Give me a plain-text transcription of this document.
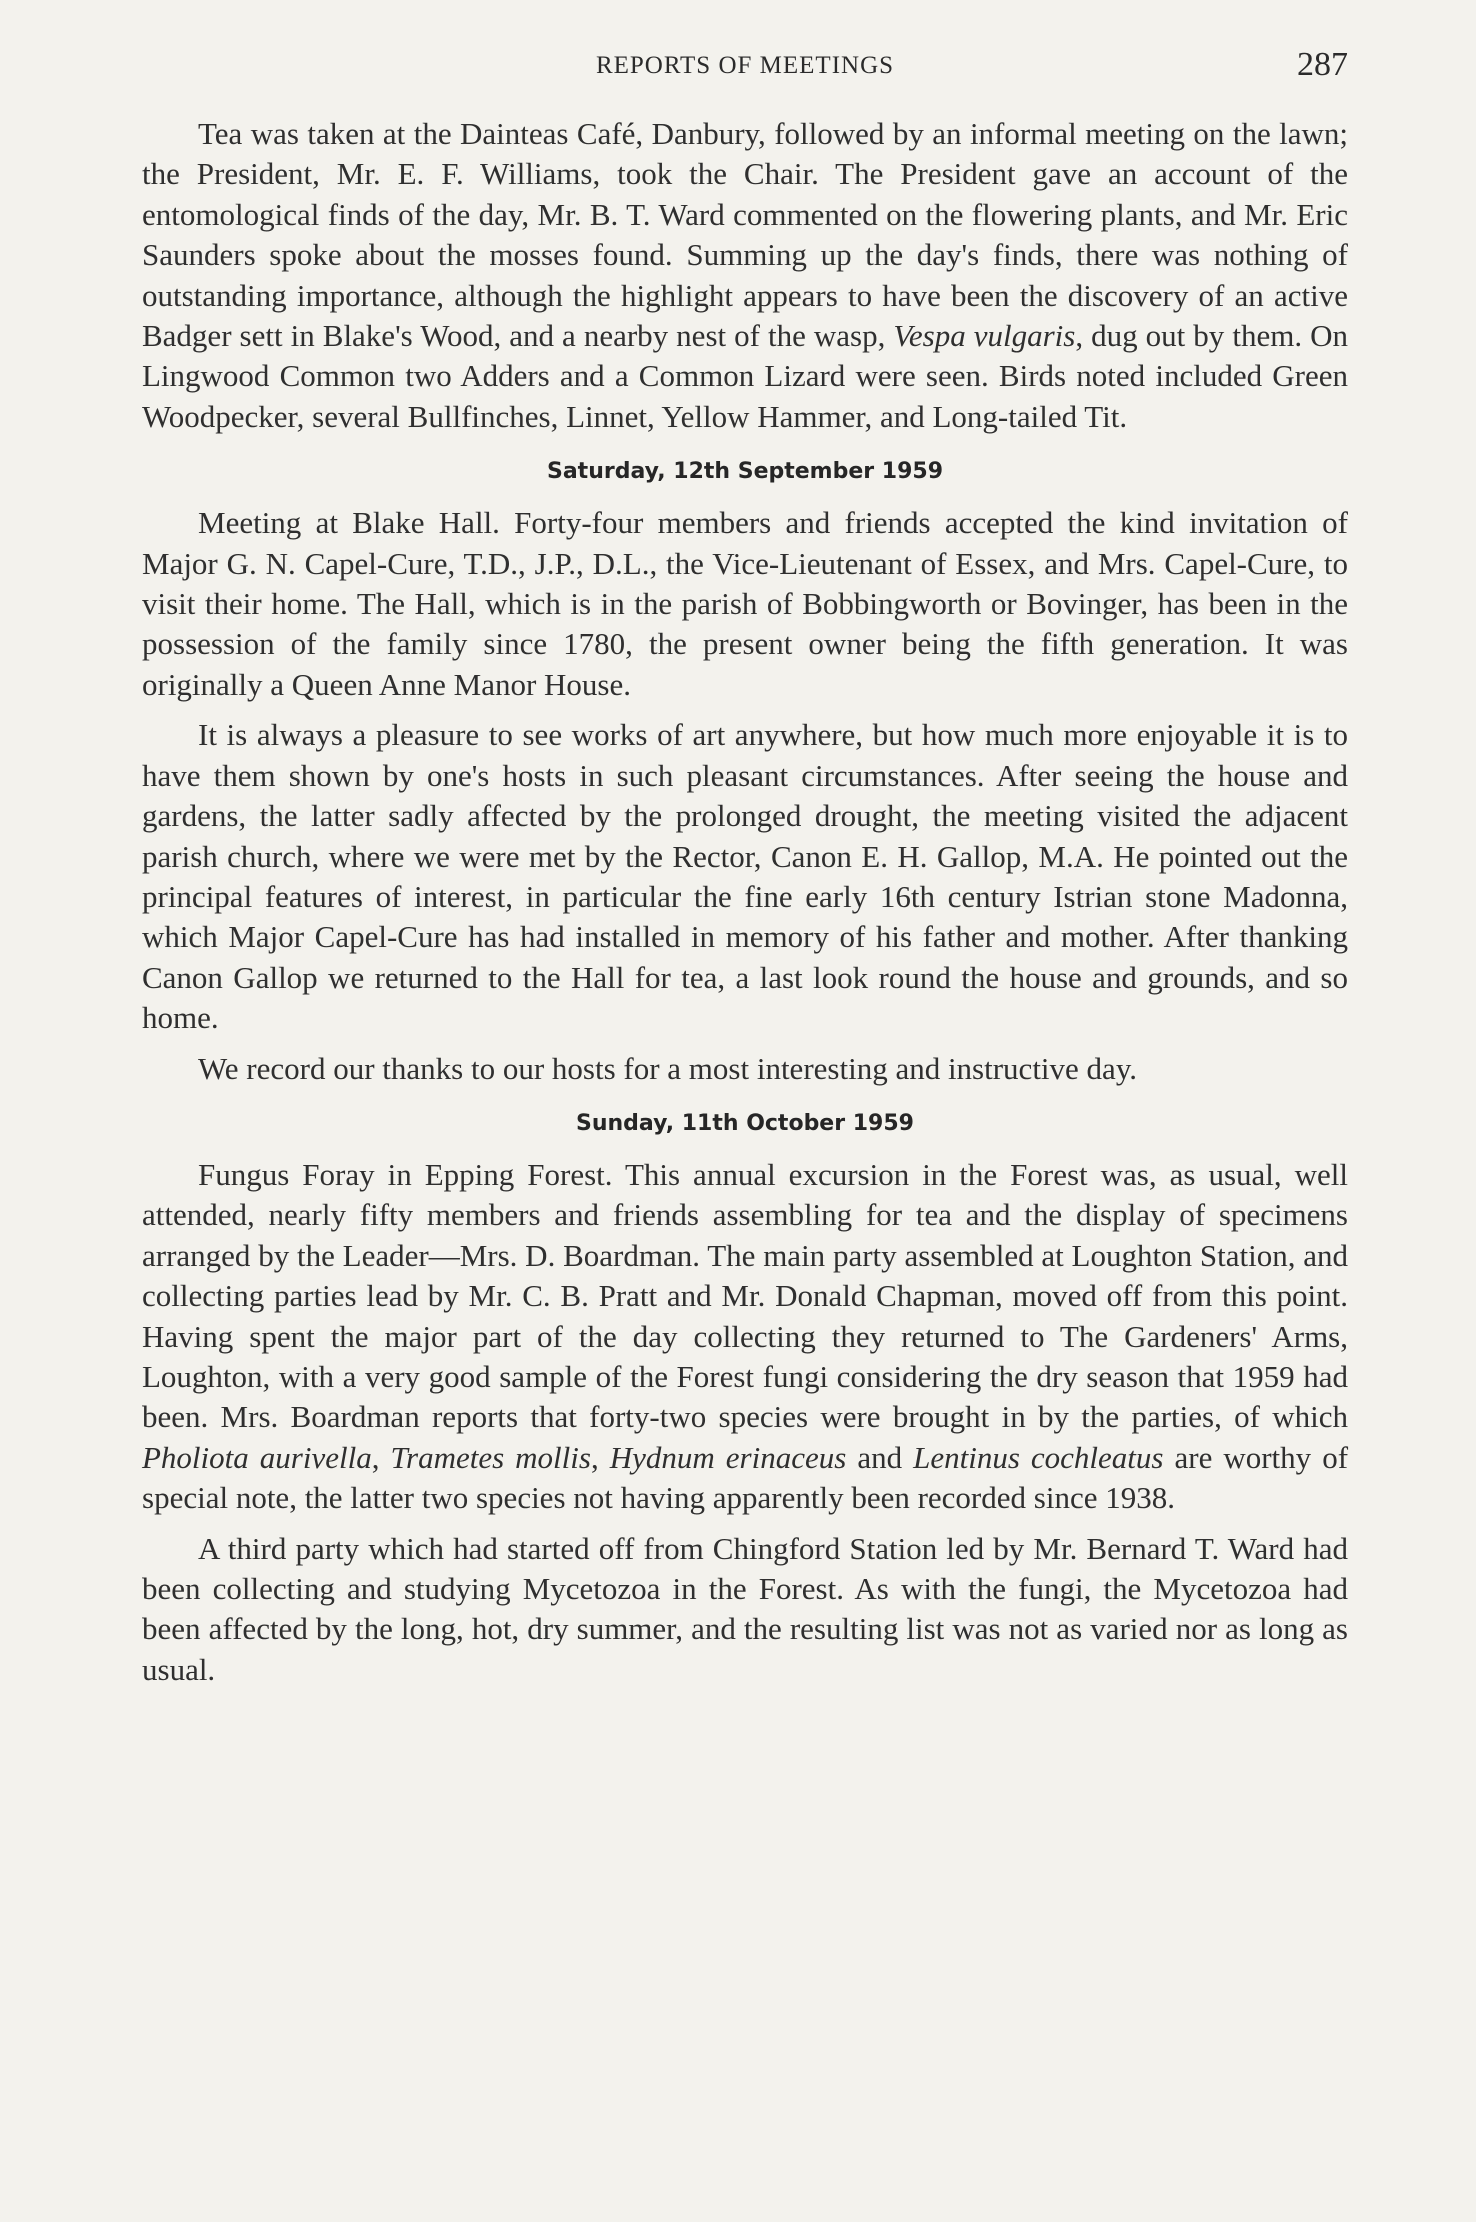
REPORTS OF MEETINGS	287

Tea was taken at the Dainteas Café, Danbury, followed by an informal meeting on the lawn; the President, Mr. E. F. Williams, took the Chair. The President gave an account of the entomological finds of the day, Mr. B. T. Ward commented on the flowering plants, and Mr. Eric Saunders spoke about the mosses found. Summing up the day's finds, there was nothing of outstanding importance, although the highlight appears to have been the discovery of an active Badger sett in Blake's Wood, and a nearby nest of the wasp, Vespa vulgaris, dug out by them. On Lingwood Common two Adders and a Common Lizard were seen. Birds noted included Green Woodpecker, several Bullfinches, Linnet, Yellow Hammer, and Long-tailed Tit.

Saturday, 12th September 1959

Meeting at Blake Hall. Forty-four members and friends accepted the kind invitation of Major G. N. Capel-Cure, T.D., J.P., D.L., the Vice-Lieutenant of Essex, and Mrs. Capel-Cure, to visit their home. The Hall, which is in the parish of Bobbingworth or Bovinger, has been in the possession of the family since 1780, the present owner being the fifth generation. It was originally a Queen Anne Manor House.

It is always a pleasure to see works of art anywhere, but how much more enjoyable it is to have them shown by one's hosts in such pleasant circumstances. After seeing the house and gardens, the latter sadly affected by the prolonged drought, the meeting visited the adjacent parish church, where we were met by the Rector, Canon E. H. Gallop, M.A. He pointed out the principal features of interest, in particular the fine early 16th century Istrian stone Madonna, which Major Capel-Cure has had installed in memory of his father and mother. After thanking Canon Gallop we returned to the Hall for tea, a last look round the house and grounds, and so home.

We record our thanks to our hosts for a most interesting and instructive day.

Sunday, 11th October 1959

Fungus Foray in Epping Forest. This annual excursion in the Forest was, as usual, well attended, nearly fifty members and friends assembling for tea and the display of specimens arranged by the Leader—Mrs. D. Boardman. The main party assembled at Loughton Station, and collecting parties lead by Mr. C. B. Pratt and Mr. Donald Chapman, moved off from this point. Having spent the major part of the day collecting they returned to The Gardeners' Arms, Loughton, with a very good sample of the Forest fungi considering the dry season that 1959 had been. Mrs. Boardman reports that forty-two species were brought in by the parties, of which Pholiota aurivella, Trametes mollis, Hydnum erinaceus and Lentinus cochleatus are worthy of special note, the latter two species not having apparently been recorded since 1938.

A third party which had started off from Chingford Station led by Mr. Bernard T. Ward had been collecting and studying Mycetozoa in the Forest. As with the fungi, the Mycetozoa had been affected by the long, hot, dry summer, and the resulting list was not as varied nor as long as usual.
